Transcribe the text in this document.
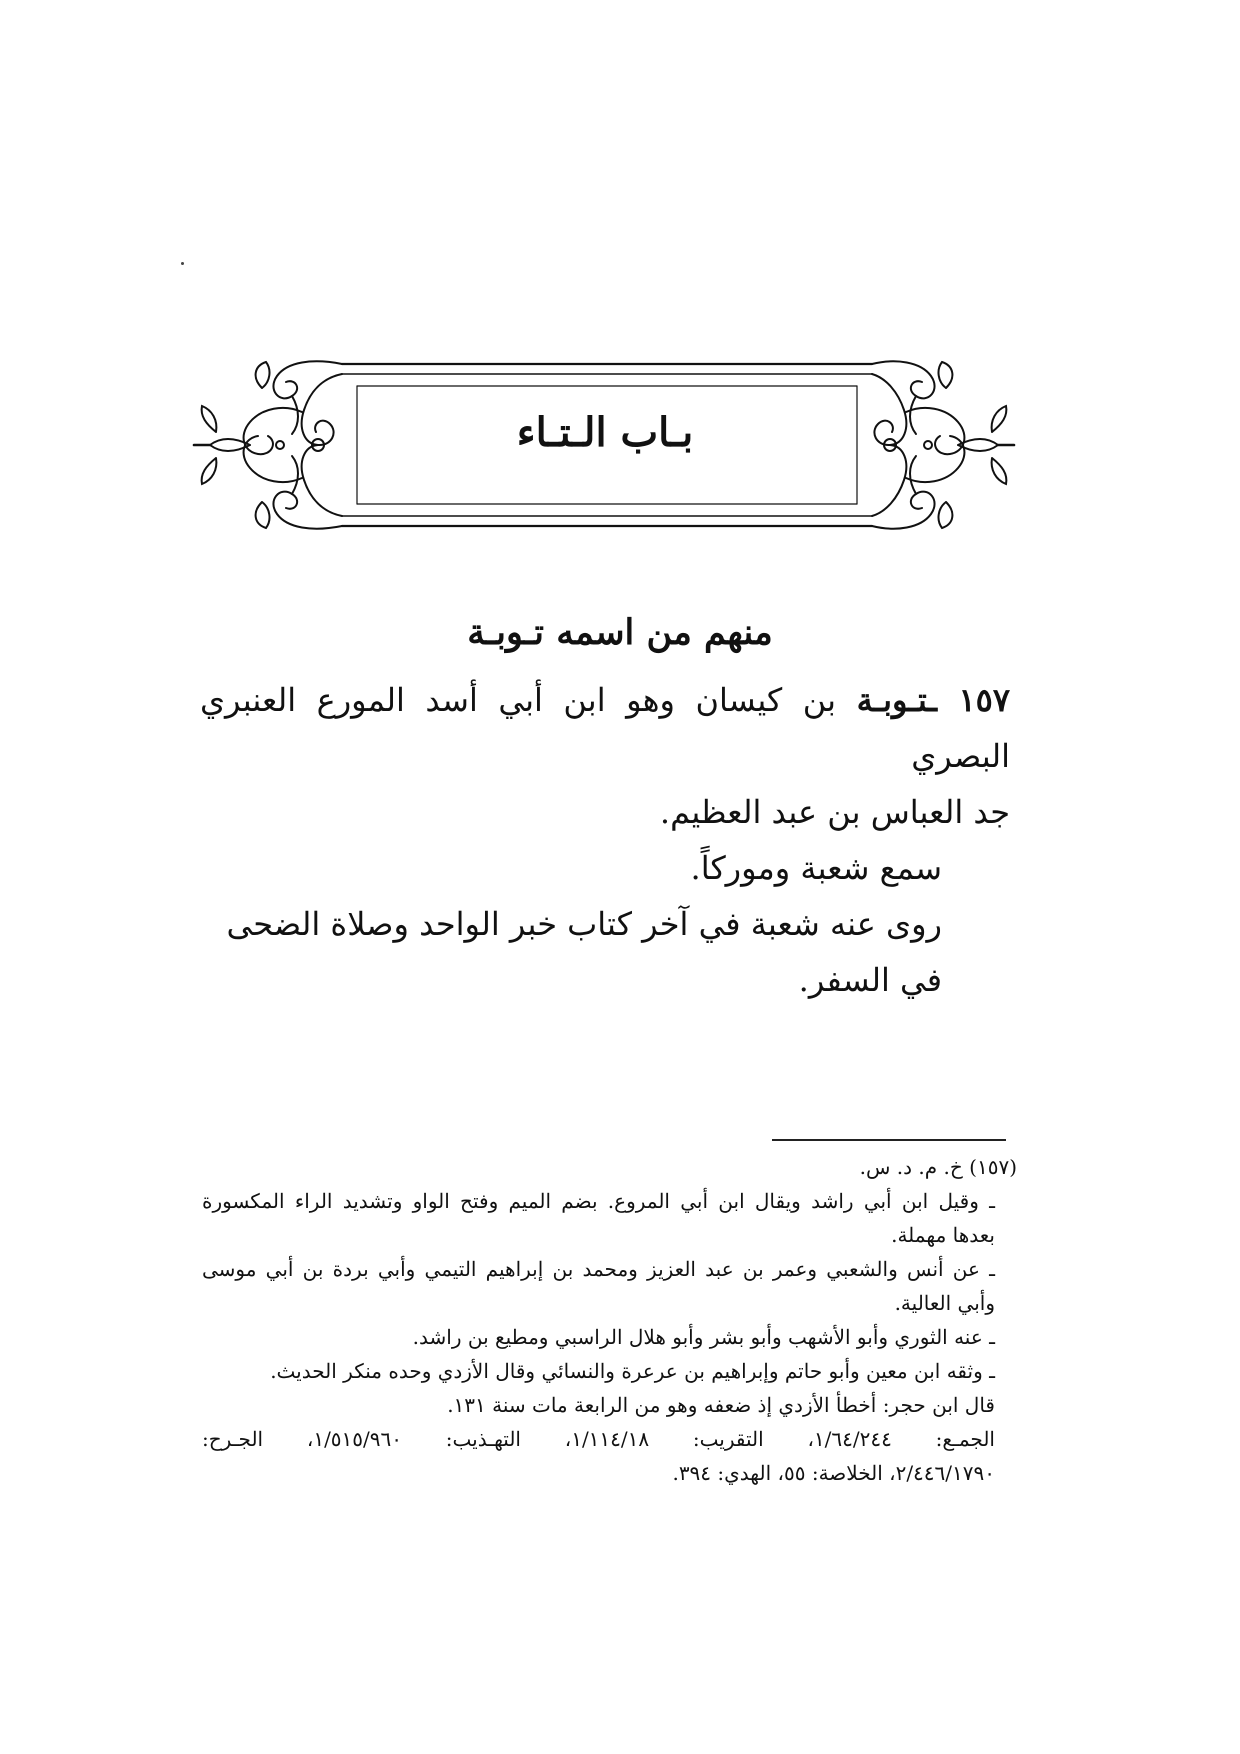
بـاب الـتـاء
منهم من اسمه تـوبـة

١٥٧ ـتـوبـة بن كيسان وهو ابن أبي أسد المورع العنبري البصري

جد العباس بن عبد العظيم.

سمع شعبة وموركاً.

روى عنه شعبة في آخر كتاب خبر الواحد وصلاة الضحى في السفر.

(١٥٧) خ. م. د. س.

ـ وقيل ابن أبي راشد ويقال ابن أبي المروع. بضم الميم وفتح الواو وتشديد الراء المكسورة

بعدها مهملة.

ـ عن أنس والشعبي وعمر بن عبد العزيز ومحمد بن إبراهيم التيمي وأبي بردة بن أبي موسى

وأبي العالية.

ـ عنه الثوري وأبو الأشهب وأبو بشر وأبو هلال الراسبي ومطيع بن راشد.

ـ وثقه ابن معين وأبو حاتم وإبراهيم بن عرعرة والنسائي وقال الأزدي وحده منكر الحديث.

قال ابن حجر: أخطأ الأزدي إذ ضعفه وهو من الرابعة مات سنة ١٣١.

الجمـع: ١/٦٤/٢٤٤، التقريب: ١/١١٤/١٨، التهـذيب: ١/٥١٥/٩٦٠، الجـرح:

٢/٤٤٦/١٧٩٠، الخلاصة: ٥٥، الهدي: ٣٩٤.
